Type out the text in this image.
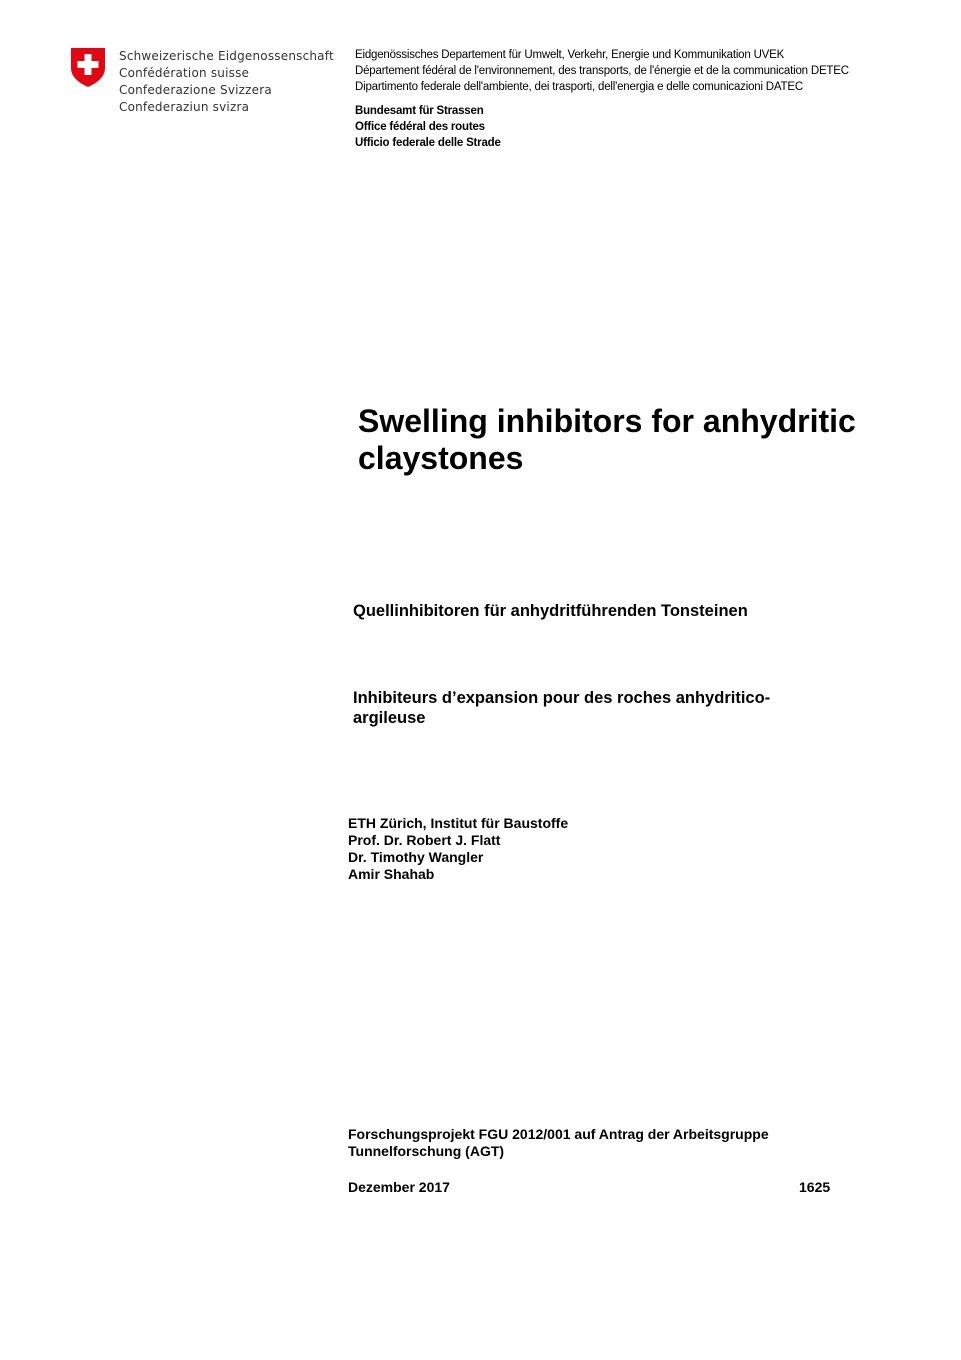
Schweizerische Eidgenossenschaft
Confédération suisse
Confederazione Svizzera
Confederaziun svizra
Eidgenössisches Departement für Umwelt, Verkehr, Energie und Kommunikation UVEK
Département fédéral de l'environnement, des transports, de l'énergie et de la communication DETEC
Dipartimento federale dell'ambiente, dei trasporti, dell'energia e delle comunicazioni DATEC
Bundesamt für Strassen
Office fédéral des routes
Ufficio federale delle Strade
Swelling inhibitors for anhydritic claystones
Quellinhibitoren für anhydritführenden Tonsteinen
Inhibiteurs d’expansion pour des roches anhydritico-argileuse
ETH Zürich, Institut für Baustoffe
Prof. Dr. Robert J. Flatt
Dr. Timothy Wangler
Amir Shahab
Forschungsprojekt FGU 2012/001 auf Antrag der Arbeitsgruppe Tunnelforschung (AGT)
Dezember 2017	1625
